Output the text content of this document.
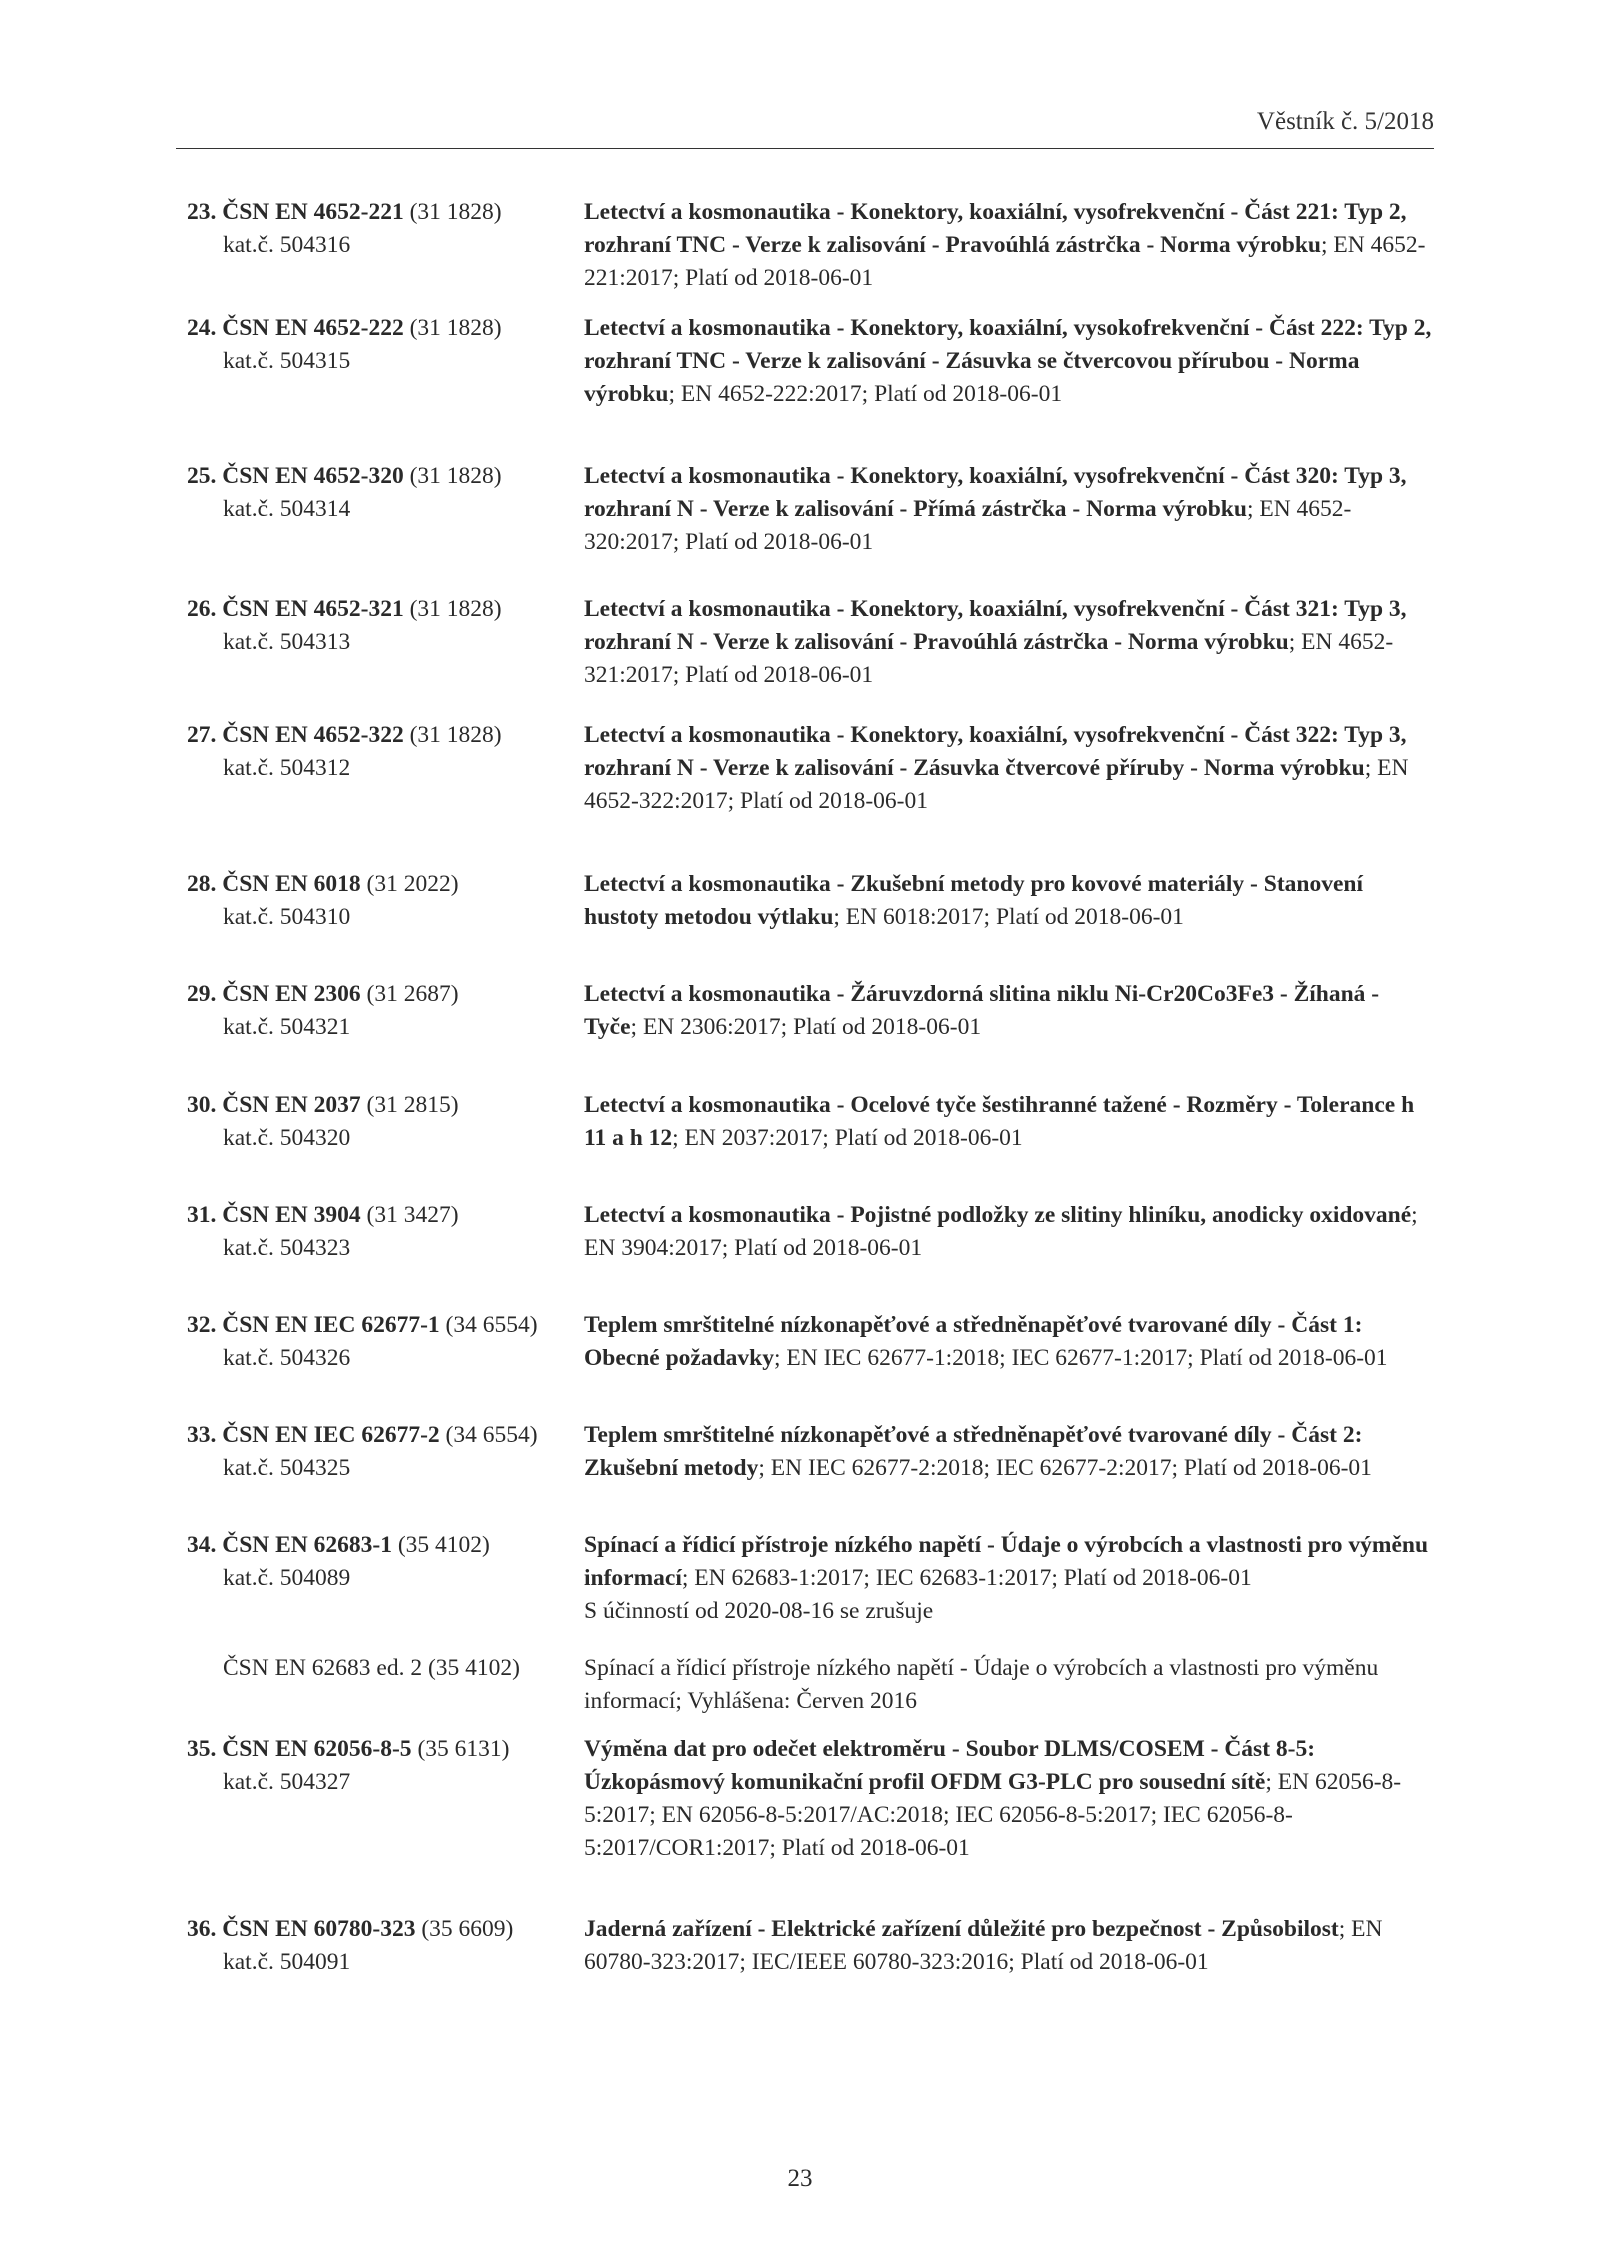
Věstník č. 5/2018
23. ČSN EN 4652-221 (31 1828)
kat.č. 504316
Letectví a kosmonautika - Konektory, koaxiální, vysofrekvenční - Část 221: Typ 2, rozhraní TNC - Verze k zalisování - Pravoúhlá zástrčka - Norma výrobku; EN 4652-221:2017; Platí od 2018-06-01
24. ČSN EN 4652-222 (31 1828)
kat.č. 504315
Letectví a kosmonautika - Konektory, koaxiální, vysokofrekvenční - Část 222: Typ 2, rozhraní TNC - Verze k zalisování - Zásuvka se čtvercovou přírubou - Norma výrobku; EN 4652-222:2017; Platí od 2018-06-01
25. ČSN EN 4652-320 (31 1828)
kat.č. 504314
Letectví a kosmonautika - Konektory, koaxiální, vysofrekvenční - Část 320: Typ 3, rozhraní N - Verze k zalisování - Přímá zástrčka - Norma výrobku; EN 4652-320:2017; Platí od 2018-06-01
26. ČSN EN 4652-321 (31 1828)
kat.č. 504313
Letectví a kosmonautika - Konektory, koaxiální, vysofrekvenční - Část 321: Typ 3, rozhraní N - Verze k zalisování - Pravoúhlá zástrčka - Norma výrobku; EN 4652-321:2017; Platí od 2018-06-01
27. ČSN EN 4652-322 (31 1828)
kat.č. 504312
Letectví a kosmonautika - Konektory, koaxiální, vysofrekvenční - Část 322: Typ 3, rozhraní N - Verze k zalisování - Zásuvka čtvercové příruby - Norma výrobku; EN 4652-322:2017; Platí od 2018-06-01
28. ČSN EN 6018 (31 2022)
kat.č. 504310
Letectví a kosmonautika - Zkušební metody pro kovové materiály - Stanovení hustoty metodou výtlaku; EN 6018:2017; Platí od 2018-06-01
29. ČSN EN 2306 (31 2687)
kat.č. 504321
Letectví a kosmonautika - Žáruvzdorná slitina niklu Ni-Cr20Co3Fe3 - Žíhaná - Tyče; EN 2306:2017; Platí od 2018-06-01
30. ČSN EN 2037 (31 2815)
kat.č. 504320
Letectví a kosmonautika - Ocelové tyče šestihranné tažené - Rozměry - Tolerance h 11 a h 12; EN 2037:2017; Platí od 2018-06-01
31. ČSN EN 3904 (31 3427)
kat.č. 504323
Letectví a kosmonautika - Pojistné podložky ze slitiny hliníku, anodicky oxidované; EN 3904:2017; Platí od 2018-06-01
32. ČSN EN IEC 62677-1 (34 6554)
kat.č. 504326
Teplem smrštitelné nízkonapěťové a středněnapěťové tvarované díly - Část 1: Obecné požadavky; EN IEC 62677-1:2018; IEC 62677-1:2017; Platí od 2018-06-01
33. ČSN EN IEC 62677-2 (34 6554)
kat.č. 504325
Teplem smrštitelné nízkonapěťové a středněnapěťové tvarované díly - Část 2: Zkušební metody; EN IEC 62677-2:2018; IEC 62677-2:2017; Platí od 2018-06-01
34. ČSN EN 62683-1 (35 4102)
kat.č. 504089
Spínací a řídicí přístroje nízkého napětí - Údaje o výrobcích a vlastnosti pro výměnu informací; EN 62683-1:2017; IEC 62683-1:2017; Platí od 2018-06-01
S účinností od 2020-08-16 se zrušuje
ČSN EN 62683 ed. 2 (35 4102)	Spínací a řídicí přístroje nízkého napětí - Údaje o výrobcích a vlastnosti pro výměnu informací; Vyhlášena: Červen 2016
35. ČSN EN 62056-8-5 (35 6131)
kat.č. 504327
Výměna dat pro odečet elektroměru - Soubor DLMS/COSEM - Část 8-5: Úzkopásmový komunikační profil OFDM G3-PLC pro sousední sítě; EN 62056-8-5:2017; EN 62056-8-5:2017/AC:2018; IEC 62056-8-5:2017; IEC 62056-8-5:2017/COR1:2017; Platí od 2018-06-01
36. ČSN EN 60780-323 (35 6609)
kat.č. 504091
Jaderná zařízení - Elektrické zařízení důležité pro bezpečnost - Způsobilost; EN 60780-323:2017; IEC/IEEE 60780-323:2016; Platí od 2018-06-01
23
